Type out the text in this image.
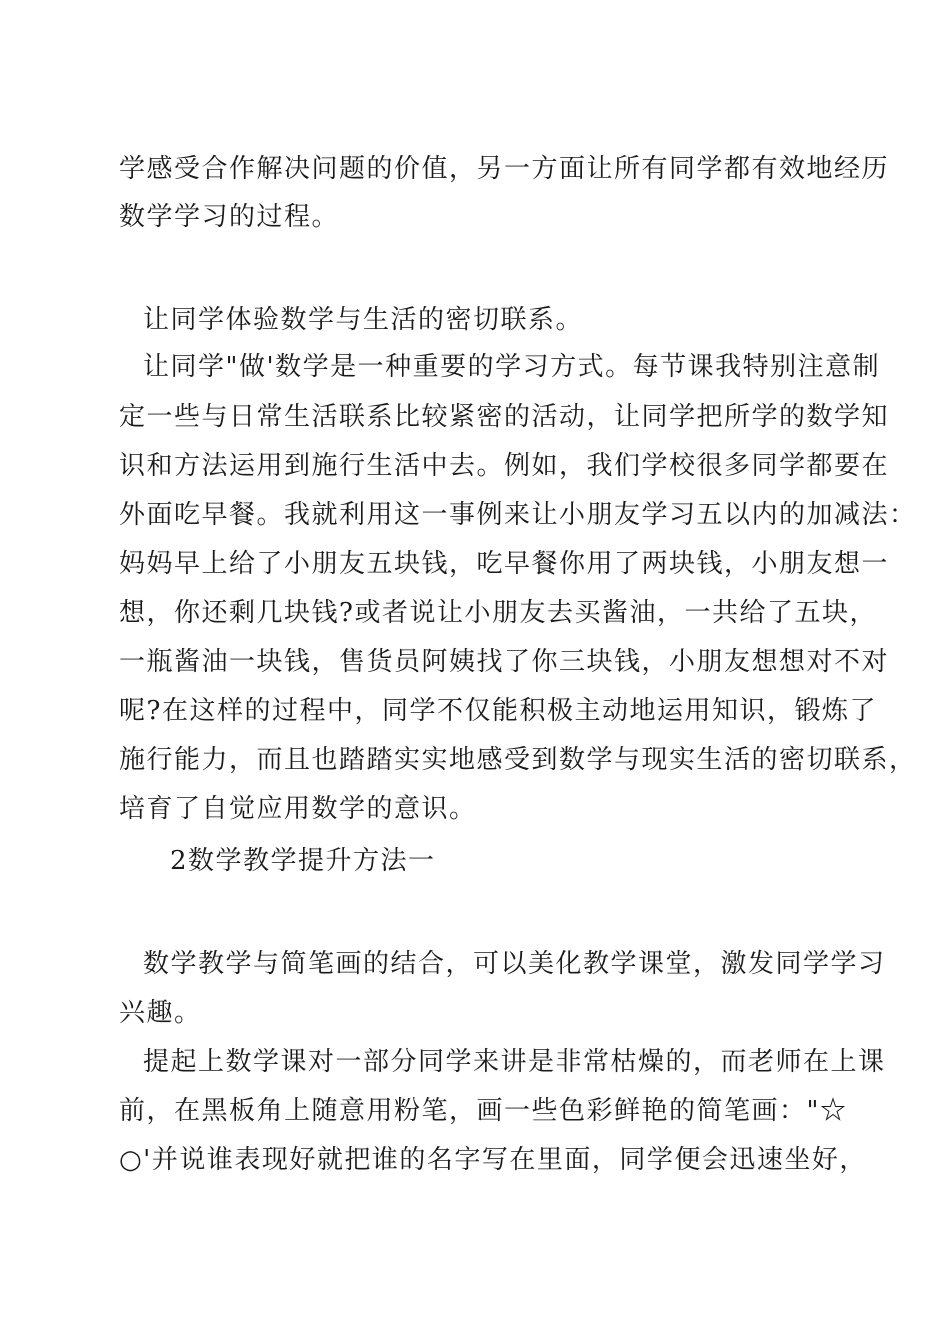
学感受合作解决问题的价值，另一方面让所有同学都有效地经历
数学学习的过程。
让同学体验数学与生活的密切联系。
让同学"做'数学是一种重要的学习方式。每节课我特别注意制
定一些与日常生活联系比较紧密的活动，让同学把所学的数学知
识和方法运用到施行生活中去。例如，我们学校很多同学都要在
外面吃早餐。我就利用这一事例来让小朋友学习五以内的加减法：
妈妈早上给了小朋友五块钱，吃早餐你用了两块钱，小朋友想一
想，你还剩几块钱?或者说让小朋友去买酱油，一共给了五块，
一瓶酱油一块钱，售货员阿姨找了你三块钱，小朋友想想对不对
呢?在这样的过程中，同学不仅能积极主动地运用知识，锻炼了
施行能力，而且也踏踏实实地感受到数学与现实生活的密切联系，
培育了自觉应用数学的意识。
2数学教学提升方法一
数学教学与简笔画的结合，可以美化教学课堂，激发同学学习
兴趣。
提起上数学课对一部分同学来讲是非常枯燥的，而老师在上课
前，在黑板角上随意用粉笔，画一些色彩鲜艳的简笔画："☆
○'并说谁表现好就把谁的名字写在里面，同学便会迅速坐好，
